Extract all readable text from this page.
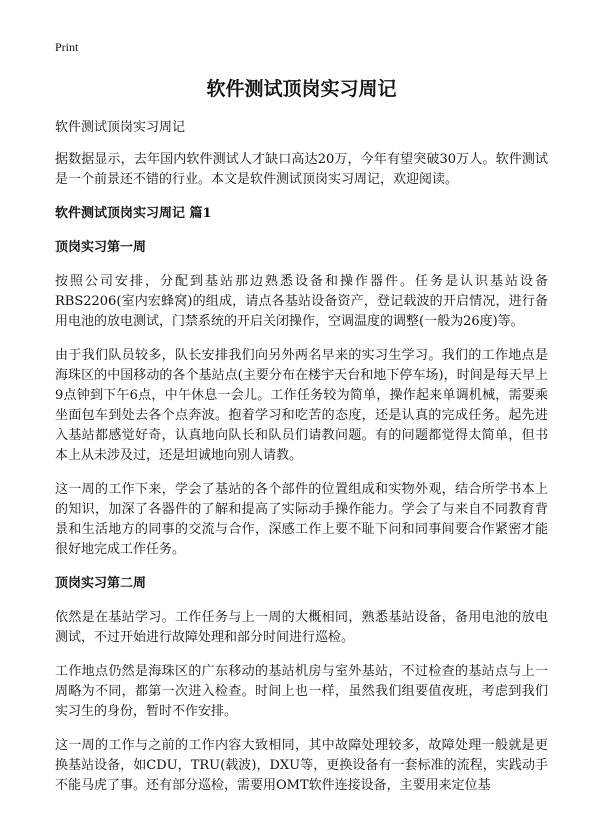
Print
软件测试顶岗实习周记
软件测试顶岗实习周记

据数据显示，去年国内软件测试人才缺口高达20万，今年有望突破30万人。软件测试是一个前景还不错的行业。本文是软件测试顶岗实习周记，欢迎阅读。

软件测试顶岗实习周记 篇1
顶岗实习第一周

按照公司安排，分配到基站那边熟悉设备和操作器件。任务是认识基站设备RBS2206(室内宏蜂窝)的组成，请点各基站设备资产，登记载波的开启情况，进行备用电池的放电测试，门禁系统的开启关闭操作，空调温度的调整(一般为26度)等。

由于我们队员较多，队长安排我们向另外两名早来的实习生学习。我们的工作地点是海珠区的中国移动的各个基站点(主要分布在楼宇天台和地下停车场)，时间是每天早上9点钟到下午6点，中午休息一会儿。工作任务较为简单，操作起来单调机械，需要乘坐面包车到处去各个点奔波。抱着学习和吃苦的态度，还是认真的完成任务。起先进入基站都感觉好奇，认真地向队长和队员们请教问题。有的问题都觉得太简单，但书本上从未涉及过，还是坦诚地向别人请教。

这一周的工作下来，学会了基站的各个部件的位置组成和实物外观，结合所学书本上的知识，加深了各器件的了解和提高了实际动手操作能力。学会了与来自不同教育背景和生活地方的同事的交流与合作，深感工作上要不耻下问和同事间要合作紧密才能很好地完成工作任务。

顶岗实习第二周

依然是在基站学习。工作任务与上一周的大概相同，熟悉基站设备，备用电池的放电测试，不过开始进行故障处理和部分时间进行巡检。

工作地点仍然是海珠区的广东移动的基站机房与室外基站，不过检查的基站点与上一周略为不同，都第一次进入检查。时间上也一样，虽然我们组要值夜班，考虑到我们实习生的身份，暂时不作安排。

这一周的工作与之前的工作内容大致相同，其中故障处理较多，故障处理一般就是更换基站设备，如CDU，TRU(载波)，DXU等，更换设备有一套标准的流程，实践动手不能马虎了事。还有部分巡检，需要用OMT软件连接设备，主要用来定位基
